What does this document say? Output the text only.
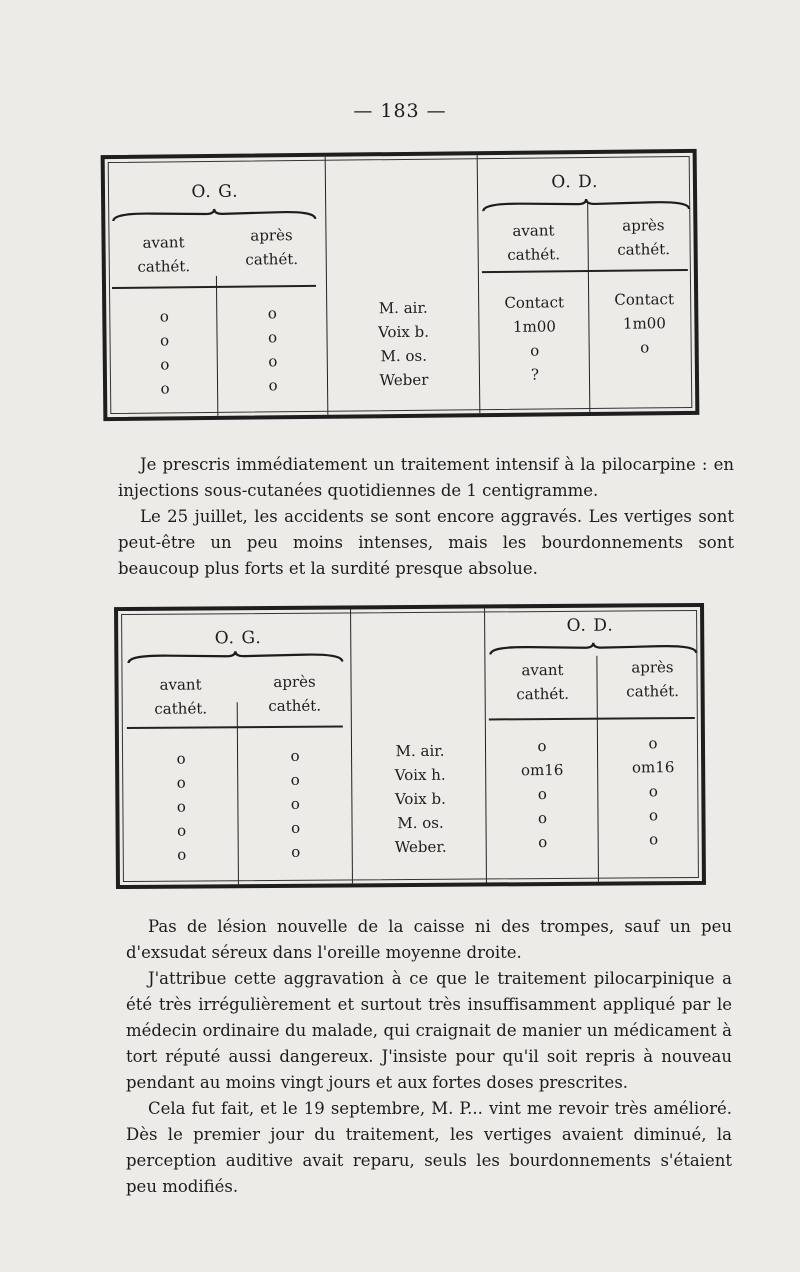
— 183 —
O. G.	O. D.
avant
cathét.
après
cathét.
avant
cathét.
après
cathét.
o
o
o
o
o
o
o
o
M. air.
Voix b.
M. os.
Weber
Contact
1m00
o
?
Contact
1m00
o

Je prescris immédiatement un traitement intensif à la pilocarpine : en injections sous-cutanées quotidiennes de 1 centigramme.

Le 25 juillet, les accidents se sont encore aggravés. Les vertiges sont peut-être un peu moins intenses, mais les bourdonnements sont beaucoup plus forts et la surdité presque absolue.

O. G.
O. D.
avant
cathét.
après
cathét.
avant
cathét.
après
cathét.
o
o
o
o
o
o
o
o
o
o
M. air.
Voix h.
Voix b.
M. os.
Weber.
o
om16
o
o
o
o
om16
o
o
o

Pas de lésion nouvelle de la caisse ni des trompes, sauf un peu d'exsudat séreux dans l'oreille moyenne droite.

J'attribue cette aggravation à ce que le traitement pilocarpinique a été très irrégulièrement et surtout très insuffisamment appliqué par le médecin ordinaire du malade, qui craignait de manier un médicament à tort réputé aussi dangereux. J'insiste pour qu'il soit repris à nouveau pendant au moins vingt jours et aux fortes doses prescrites.

Cela fut fait, et le 19 septembre, M. P... vint me revoir très amélioré. Dès le premier jour du traitement, les vertiges avaient diminué, la perception auditive avait reparu, seuls les bourdonnements s'étaient peu modifiés.
